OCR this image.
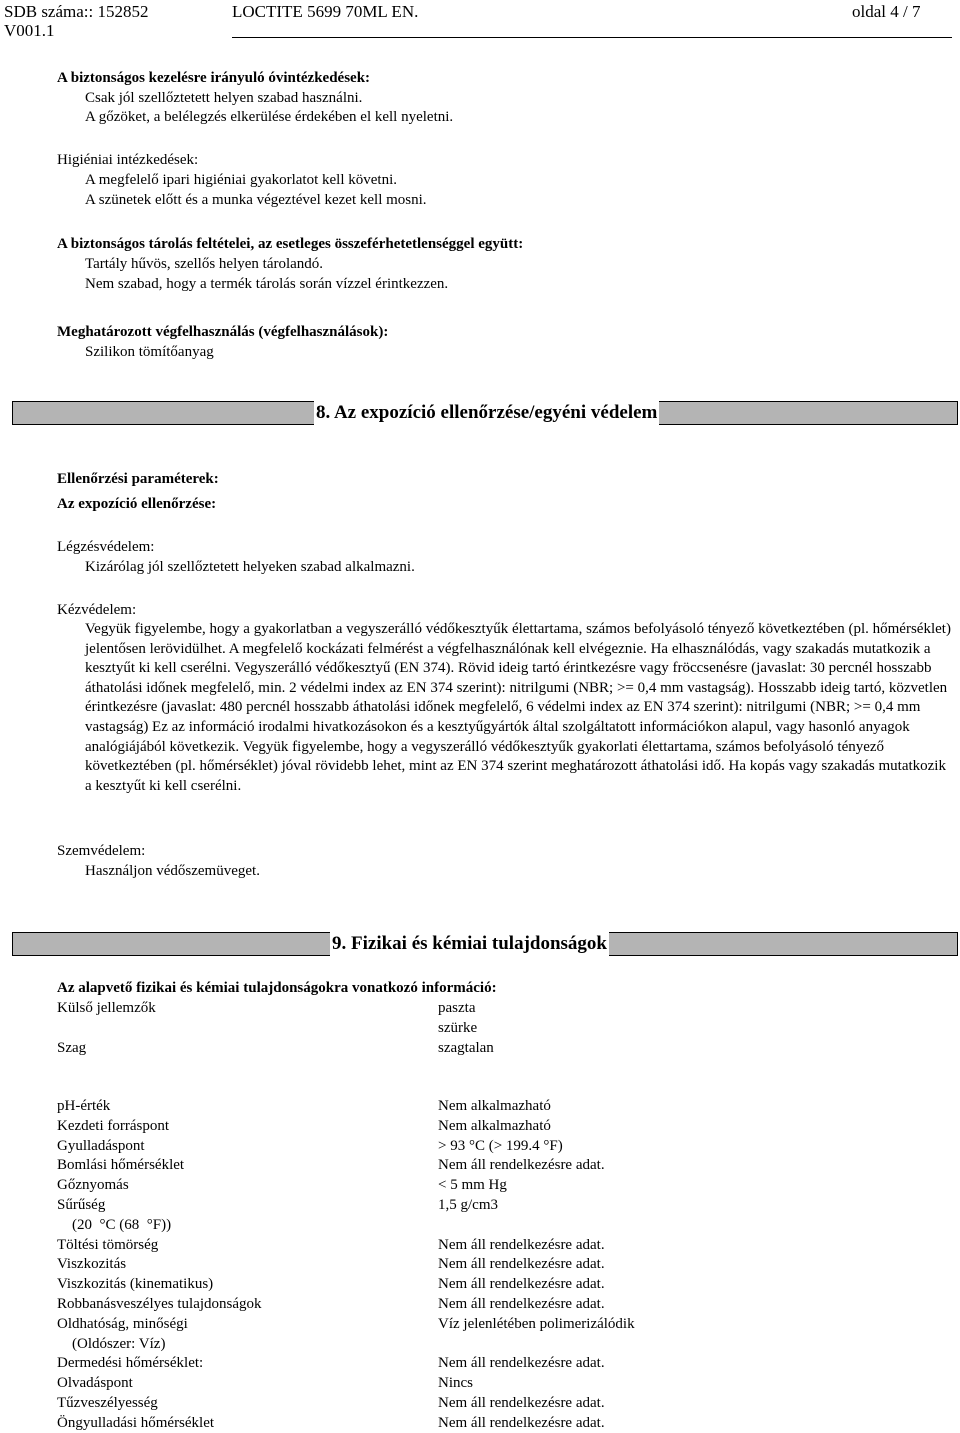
SDB száma:: 152852
V001.1
LOCTITE 5699 70ML EN.	oldal 4 / 7
A biztonságos kezelésre irányuló óvintézkedések:
Csak jól szellőztetett helyen szabad használni.
A gőzöket, a belélegzés elkerülése érdekében el kell nyeletni.
Higiéniai intézkedések:
A megfelelő ipari higiéniai gyakorlatot kell követni.
A szünetek előtt és a munka végeztével kezet kell mosni.
A biztonságos tárolás feltételei, az esetleges összeférhetetlenséggel együtt:
Tartály hűvös, szellős helyen tárolandó.
Nem szabad, hogy a termék tárolás során vízzel érintkezzen.
Meghatározott végfelhasználás (végfelhasználások):
Szilikon tömítőanyag
8. Az expozíció ellenőrzése/egyéni védelem
Ellenőrzési paraméterek:
Az expozíció ellenőrzése:
Légzésvédelem:
Kizárólag jól szellőztetett helyeken szabad alkalmazni.
Kézvédelem:
Vegyük figyelembe, hogy a gyakorlatban a vegyszerálló védőkesztyűk élettartama, számos befolyásoló tényező következtében (pl. hőmérséklet) jelentősen lerövidülhet. A megfelelő kockázati felmérést a végfelhasználónak kell elvégeznie. Ha elhasználódás, vagy szakadás mutatkozik a kesztyűt ki kell cserélni. Vegyszerálló védőkesztyű (EN 374). Rövid ideig tartó érintkezésre vagy fröccsenésre (javaslat: 30 percnél hosszabb áthatolási időnek megfelelő, min. 2 védelmi index az EN 374 szerint): nitrilgumi (NBR; >= 0,4 mm vastagság). Hosszabb ideig tartó, közvetlen érintkezésre (javaslat: 480 percnél hosszabb áthatolási időnek megfelelő, 6 védelmi index az EN 374 szerint): nitrilgumi (NBR; >= 0,4 mm vastagság) Ez az információ irodalmi hivatkozásokon és a kesztyűgyártók által szolgáltatott információkon alapul, vagy hasonló anyagok analógiájából következik. Vegyük figyelembe, hogy a vegyszerálló védőkesztyűk gyakorlati élettartama, számos befolyásoló tényező következtében (pl. hőmérséklet) jóval rövidebb lehet, mint az EN 374 szerint meghatározott áthatolási idő. Ha kopás vagy szakadás mutatkozik a kesztyűt ki kell cserélni.
Szemvédelem:
Használjon védőszemüveget.
9. Fizikai és kémiai tulajdonságok
Az alapvető fizikai és kémiai tulajdonságokra vonatkozó információ:
Külső jellemzők	paszta
szürke
Szag	szagtalan
pH-érték	Nem alkalmazható
Kezdeti forráspont	Nem alkalmazható
Gyulladáspont	> 93 °C (> 199.4 °F)
Bomlási hőmérséklet	Nem áll rendelkezésre adat.
Gőznyomás	< 5 mm Hg
Sűrűség	1,5 g/cm3
(20  °C (68  °F))
Töltési tömörség	Nem áll rendelkezésre adat.
Viszkozitás	Nem áll rendelkezésre adat.
Viszkozitás (kinematikus)	Nem áll rendelkezésre adat.
Robbanásveszélyes tulajdonságok	Nem áll rendelkezésre adat.
Oldhatóság, minőségi	Víz jelenlétében polimerizálódik
(Oldószer: Víz)
Dermedési hőmérséklet:	Nem áll rendelkezésre adat.
Olvadáspont	Nincs
Tűzveszélyesség	Nem áll rendelkezésre adat.
Öngyulladási hőmérséklet	Nem áll rendelkezésre adat.
